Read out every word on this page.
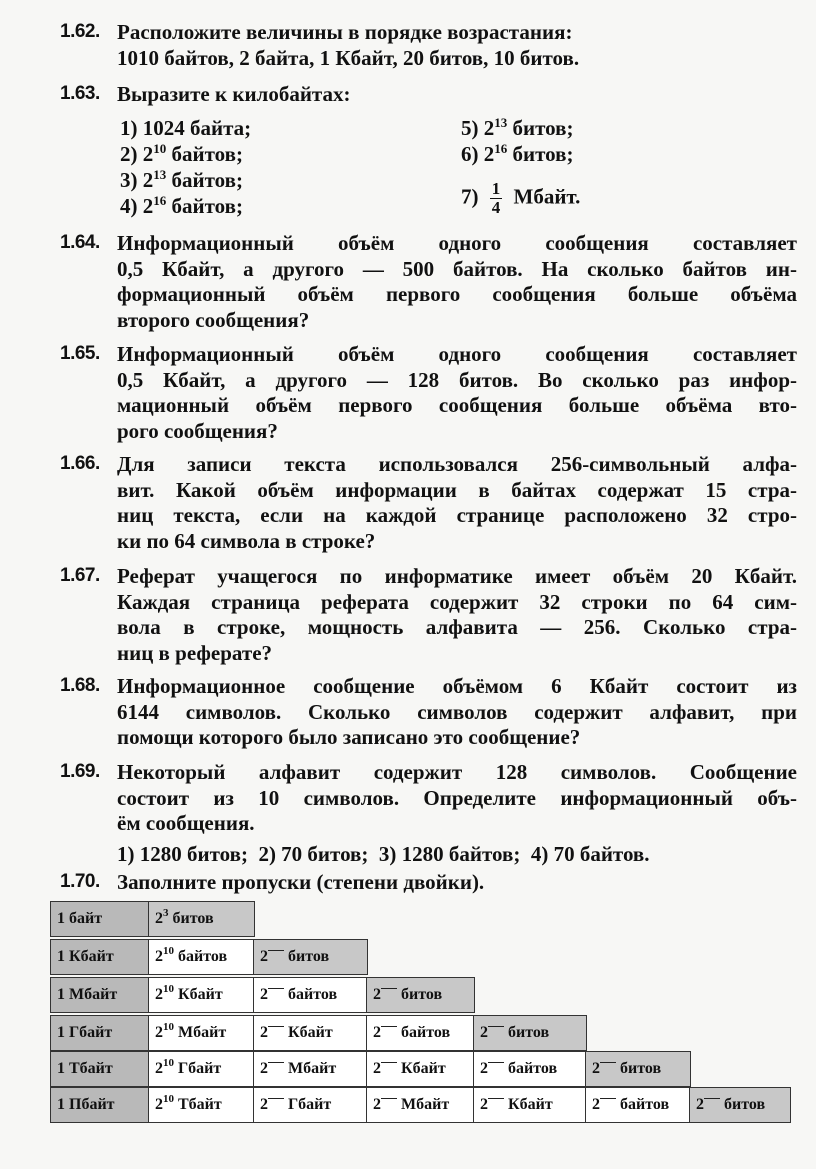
1.62. Расположите величины в порядке возрастания:
1010 байтов, 2 байта, 1 Кбайт, 20 битов, 10 битов.
1.63. Выразите к килобайтах:
1) 1024 байта;
2) $2^{10}$ байтов;
3) $2^{13}$ байтов;
4) $2^{16}$ байтов;
5) $2^{13}$ битов;
6) $2^{16}$ битов;
$7) \frac{1}{4}$ Мбайт.
1.64. Информационный объём одного сообщения составляет
0,5 Кбайт, а другого — 500 байтов. На сколько байтов ин-
формационный объём первого сообщения больше объёма
второго сообщения?
1.65. Информационный объём одного сообщения составляет
0,5 Кбайт, а другого — 128 битов. Во сколько раз инфор-
мационный объём первого сообщения больше объёма вто-
рого сообщения?
1.66. Для записи текста использовался 256-символьный алфа-
вит. Какой объём информации в байтах содержат 15 стра-
ниц текста, если на каждой странице расположено 32 стро-
ки по 64 символа в строке?
1.67. Реферат учащегося по информатике имеет объём 20 Кбайт.
Каждая страница реферата содержит 32 строки по 64 сим-
вола в строке, мощность алфавита — 256. Сколько стра-
ниц в реферате?
1.68. Информационное сообщение объёмом 6 Кбайт состоит из
6144 символов. Сколько символов содержит алфавит, при
помощи которого было записано это сообщение?
1.69. Некоторый алфавит содержит 128 символов. Сообщение
состоит из 10 символов. Определите информационный объ-
ём сообщения.
1) 1280 битов;  2) 70 битов;  3) 1280 байтов;  4) 70 байтов.
1.70. Заполните пропуски (степени двойки).
1 байт	$2^3$ битов
1 Кбайт	$2^{10}$ байтов	2 битов
1 Мбайт	$2^{10}$ Кбайт	2 байтов	2 битов
1 Гбайт	$2^{10}$ Мбайт	2 Кбайт	2 байтов	2 битов
1 Тбайт	$2^{10}$ Гбайт	2 Мбайт	2 Кбайт	2 байтов	2 битов
1 Пбайт	$2^{10}$ Тбайт	2 Гбайт	2 Мбайт	2 Кбайт	2 байтов	2 битов
